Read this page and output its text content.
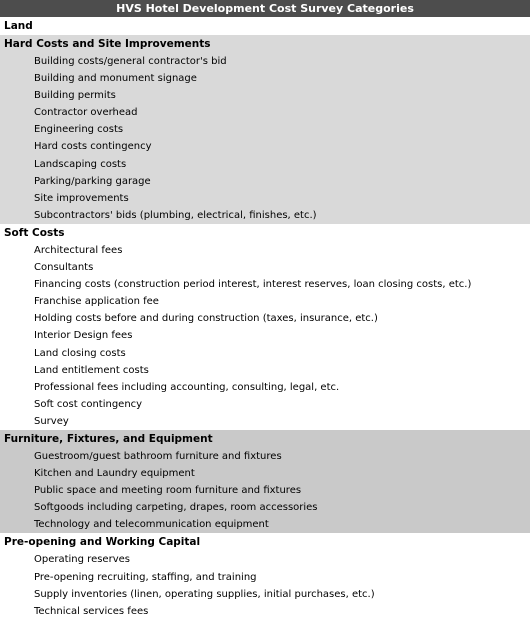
HVS Hotel Development Cost Survey Categories
Land
Hard Costs and Site Improvements
Building costs/general contractor's bid
Building and monument signage
Building permits
Contractor overhead
Engineering costs
Hard costs contingency
Landscaping costs
Parking/parking garage
Site improvements
Subcontractors' bids (plumbing, electrical, finishes, etc.)
Soft Costs
Architectural fees
Consultants
Financing costs (construction period interest, interest reserves, loan closing costs, etc.)
Franchise application fee
Holding costs before and during construction (taxes, insurance, etc.)
Interior Design fees
Land closing costs
Land entitlement costs
Professional fees including accounting, consulting, legal, etc.
Soft cost contingency
Survey
Furniture, Fixtures, and Equipment
Guestroom/guest bathroom furniture and fixtures
Kitchen and Laundry equipment
Public space and meeting room furniture and fixtures
Softgoods including carpeting, drapes, room accessories
Technology and telecommunication equipment
Pre-opening and Working Capital
Operating reserves
Pre-opening recruiting, staffing, and training
Supply inventories (linen, operating supplies, initial purchases, etc.)
Technical services fees
